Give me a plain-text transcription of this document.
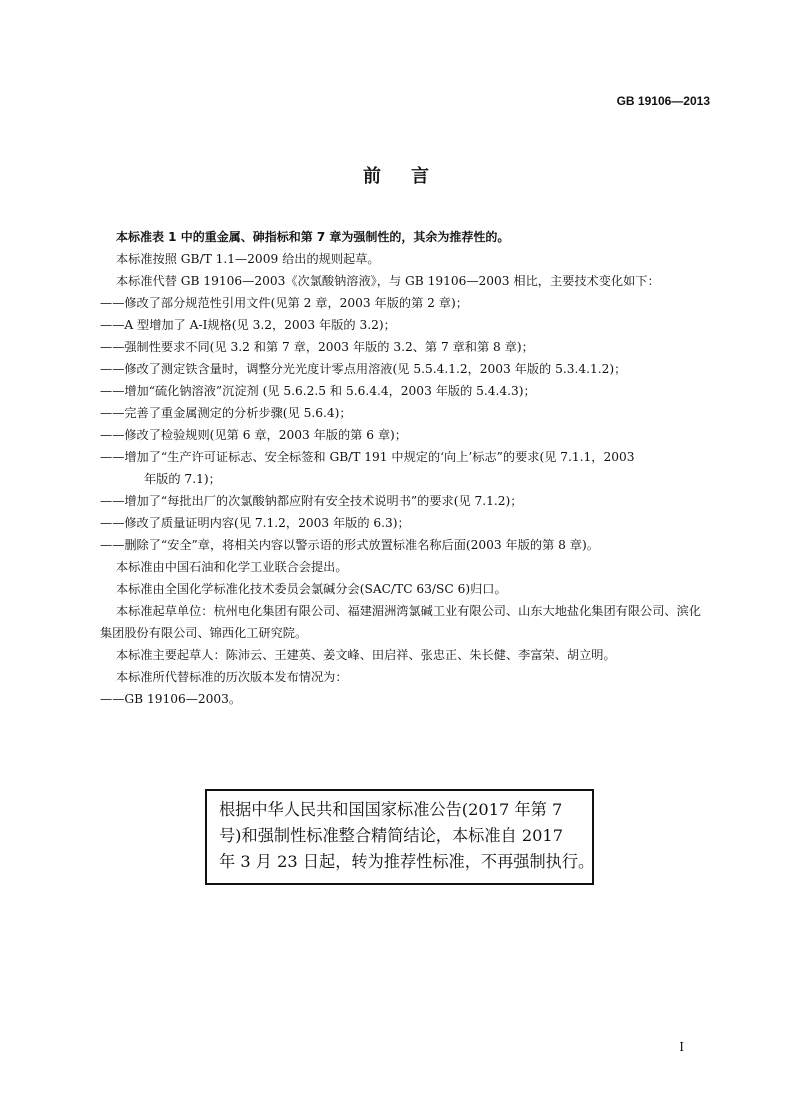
GB 19106—2013
前言

本标准表 1 中的重金属、砷指标和第 7 章为强制性的，其余为推荐性的。

本标准按照 GB/T 1.1—2009 给出的规则起草。

本标准代替 GB 19106—2003《次氯酸钠溶液》，与 GB 19106—2003 相比，主要技术变化如下：

——修改了部分规范性引用文件(见第 2 章，2003 年版的第 2 章)；

——A 型增加了 A-Ⅰ规格(见 3.2，2003 年版的 3.2)；

——强制性要求不同(见 3.2 和第 7 章，2003 年版的 3.2、第 7 章和第 8 章)；

——修改了测定铁含量时，调整分光光度计零点用溶液(见 5.5.4.1.2，2003 年版的 5.3.4.1.2)；

——增加“硫化钠溶液”沉淀剂 (见 5.6.2.5 和 5.6.4.4，2003 年版的 5.4.4.3)；

——完善了重金属测定的分析步骤(见 5.6.4)；

——修改了检验规则(见第 6 章，2003 年版的第 6 章)；

——增加了“生产许可证标志、安全标签和 GB/T 191 中规定的‘向上’标志”的要求(见 7.1.1，2003

年版的 7.1)；

——增加了“每批出厂的次氯酸钠都应附有安全技术说明书”的要求(见 7.1.2)；

——修改了质量证明内容(见 7.1.2，2003 年版的 6.3)；

——删除了“安全”章，将相关内容以警示语的形式放置标准名称后面(2003 年版的第 8 章)。

本标准由中国石油和化学工业联合会提出。

本标准由全国化学标准化技术委员会氯碱分会(SAC/TC 63/SC 6)归口。

本标准起草单位：杭州电化集团有限公司、福建湄洲湾氯碱工业有限公司、山东大地盐化集团有限公司、滨化集团股份有限公司、锦西化工研究院。

本标准主要起草人：陈沛云、王建英、姜文峰、田启祥、张忠正、朱长健、李富荣、胡立明。

本标准所代替标准的历次版本发布情况为：

——GB 19106—2003。

根据中华人民共和国国家标准公告(2017 年第 7
号)和强制性标准整合精简结论，本标准自 2017
年 3 月 23 日起，转为推荐性标准，不再强制执行。
I
